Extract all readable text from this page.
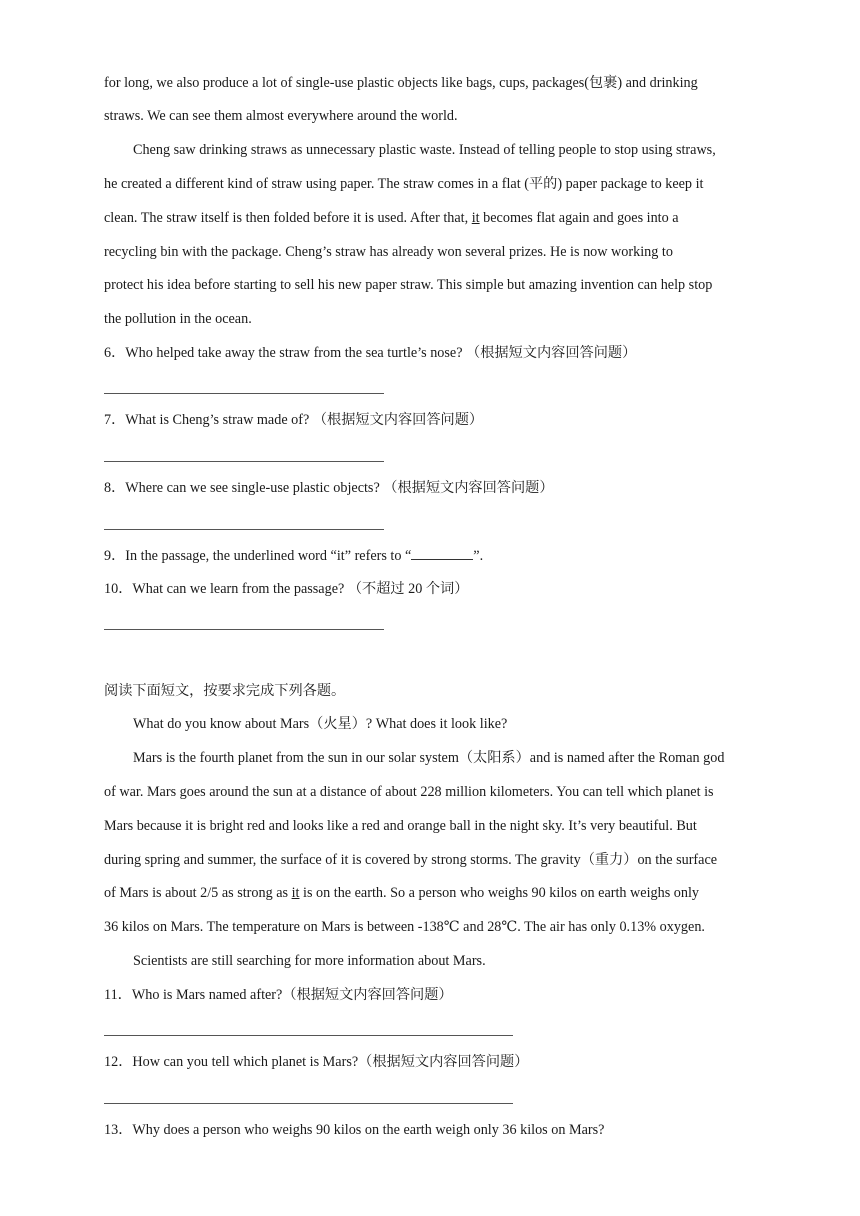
for long, we also produce a lot of single-use plastic objects like bags, cups, packages(包裹) and drinking
straws. We can see them almost everywhere around the world.
Cheng saw drinking straws as unnecessary plastic waste. Instead of telling people to stop using straws,
he created a different kind of straw using paper. The straw comes in a flat (平的) paper package to keep it
clean. The straw itself is then folded before it is used. After that, it becomes flat again and goes into a
recycling bin with the package. Cheng’s straw has already won several prizes. He is now working to
protect his idea before starting to sell his new paper straw. This simple but amazing invention can help stop
the pollution in the ocean.
6．Who helped take away the straw from the sea turtle’s nose? （根据短文内容回答问题）
7．What is Cheng’s straw made of? （根据短文内容回答问题）
8．Where can we see single-use plastic objects? （根据短文内容回答问题）
9．In the passage, the underlined word “it” refers to “	”.
10．What can we learn from the passage? （不超过 20 个词）
阅读下面短文，按要求完成下列各题。
What do you know about Mars（火星）? What does it look like?
Mars is the fourth planet from the sun in our solar system（太阳系）and is named after the Roman god
of war. Mars goes around the sun at a distance of about 228 million kilometers. You can tell which planet is
Mars because it is bright red and looks like a red and orange ball in the night sky. It’s very beautiful. But
during spring and summer, the surface of it is covered by strong storms. The gravity（重力）on the surface
of Mars is about 2/5 as strong as it is on the earth. So a person who weighs 90 kilos on earth weighs only
36 kilos on Mars. The temperature on Mars is between -138℃ and 28℃. The air has only 0.13% oxygen.
Scientists are still searching for more information about Mars.
11．Who is Mars named after?（根据短文内容回答问题）
12．How can you tell which planet is Mars?（根据短文内容回答问题）
13．Why does a person who weighs 90 kilos on the earth weigh only 36 kilos on Mars?
